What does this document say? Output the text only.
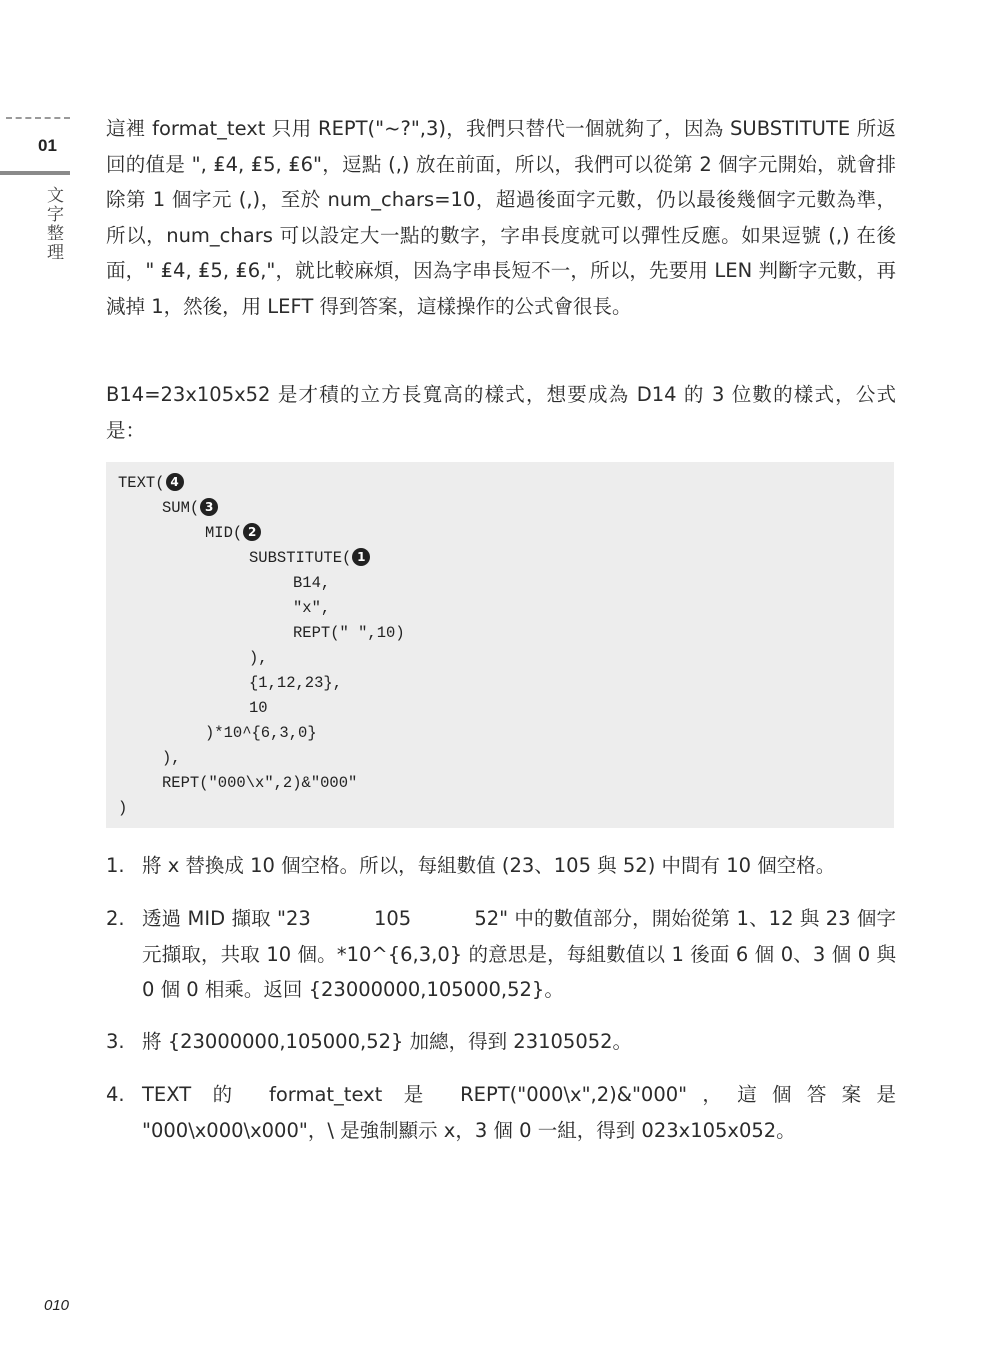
01
文字整理

這裡 format_text 只用 REPT("~?",3)，我們只替代一個就夠了，因為 SUBSTITUTE 所返回的值是 ", ₤4, ₤5, ₤6"，逗點 (,) 放在前面，所以，我們可以從第 2 個字元開始，就會排除第 1 個字元 (,)，至於 num_chars=10，超過後面字元數，仍以最後幾個字元數為準，所以，num_chars 可以設定大一點的數字，字串長度就可以彈性反應。如果逗號 (,) 在後面，" ₤4, ₤5, ₤6,"，就比較麻煩，因為字串長短不一，所以，先要用 LEN 判斷字元數，再減掉 1，然後，用 LEFT 得到答案，這樣操作的公式會很長。

B14=23x105x52 是才積的立方長寬高的樣式，想要成為 D14 的 3 位數的樣式，公式是：

TEXT( 4
SUM( 3
MID( 2
SUBSTITUTE( 1
B14,
"x",
REPT(" ",10)
),
{1,12,23},
10
)*10^{6,3,0}
),
REPT("000\x",2)&"000"
)
1. 將 x 替換成 10 個空格。所以，每組數值 (23、105 與 52) 中間有 10 個空格。
2. 透過 MID 擷取 "23          105          52" 中的數值部分，開始從第 1、12 與 23 個字元擷取，共取 10 個。*10^{6,3,0} 的意思是，每組數值以 1 後面 6 個 0、3 個 0 與 0 個 0 相乘。返回 {23000000,105000,52}。
3. 將 {23000000,105000,52} 加總，得到 23105052。
4. TEXT 的 format_text 是 REPT("000\x",2)&"000"，這個答案是 "000\x000\x000"，\ 是強制顯示 x，3 個 0 一組，得到 023x105x052。
010
